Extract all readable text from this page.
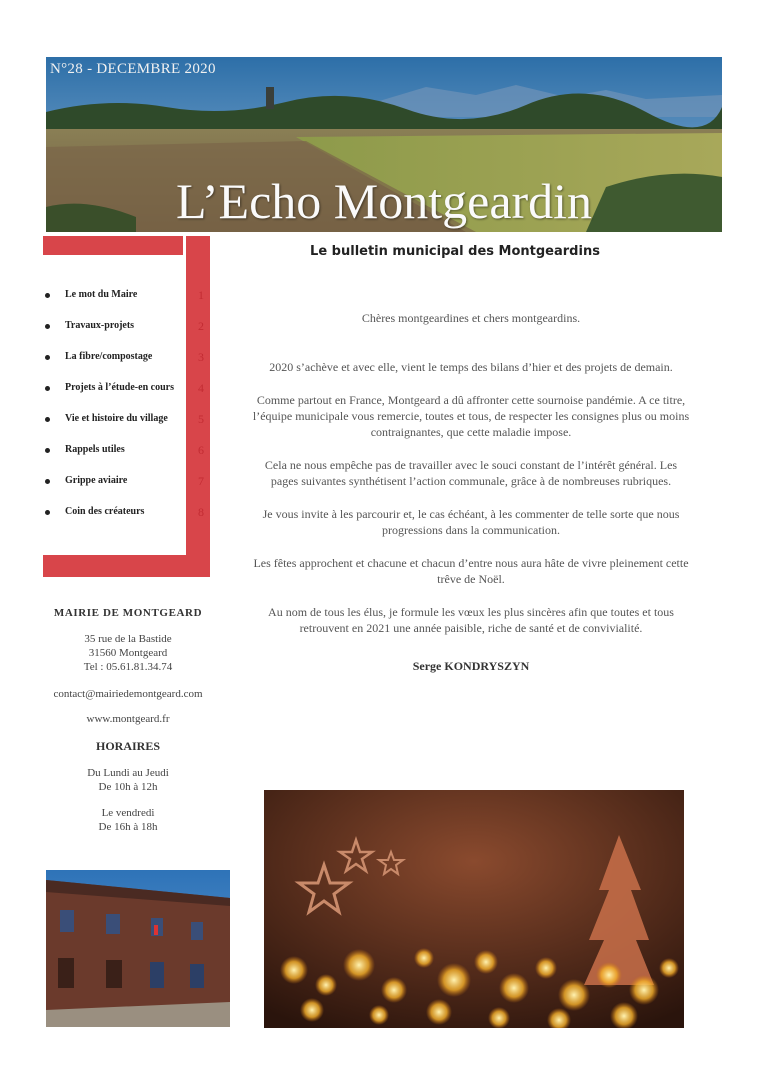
N°28 - DECEMBRE 2020
L’Echo Montgeardin
Le bulletin municipal des Montgeardins
Le mot du Maire	1
Travaux-projets	2
La fibre/compostage	3
Projets à l’étude-en cours 4
Vie et histoire du village	5
Rappels utiles	6
Grippe aviaire	7
Coin des créateurs	8
MAIRIE DE MONTGEARD
35 rue de la Bastide
31560 Montgeard
Tel : 05.61.81.34.74
contact@mairiedemontgeard.com
www.montgeard.fr
HORAIRES
Du Lundi au Jeudi
De 10h à 12h
Le vendredi
De 16h à 18h

Chères montgeardines et chers montgeardins.

2020 s’achève et avec elle, vient le temps des bilans d’hier et des projets de demain.

Comme partout en France, Montgeard a dû affronter cette sournoise pandémie. A ce titre, l’équipe municipale vous remercie, toutes et tous, de respecter les consignes plus ou moins contraignantes, que cette maladie impose.

Cela ne nous empêche pas de travailler avec le souci constant de l’intérêt général. Les pages suivantes synthétisent l’action communale, grâce à de nombreuses rubriques.

Je vous invite à les parcourir et, le cas échéant, à les commenter de telle sorte que nous progressions dans la communication.

Les fêtes approchent et chacune et chacun d’entre nous aura hâte de vivre pleinement cette trêve de Noël.

Au nom de tous les élus, je formule les vœux les plus sincères afin que toutes et tous retrouvent en 2021 une année paisible, riche de santé et de convivialité.

Serge KONDRYSZYN
